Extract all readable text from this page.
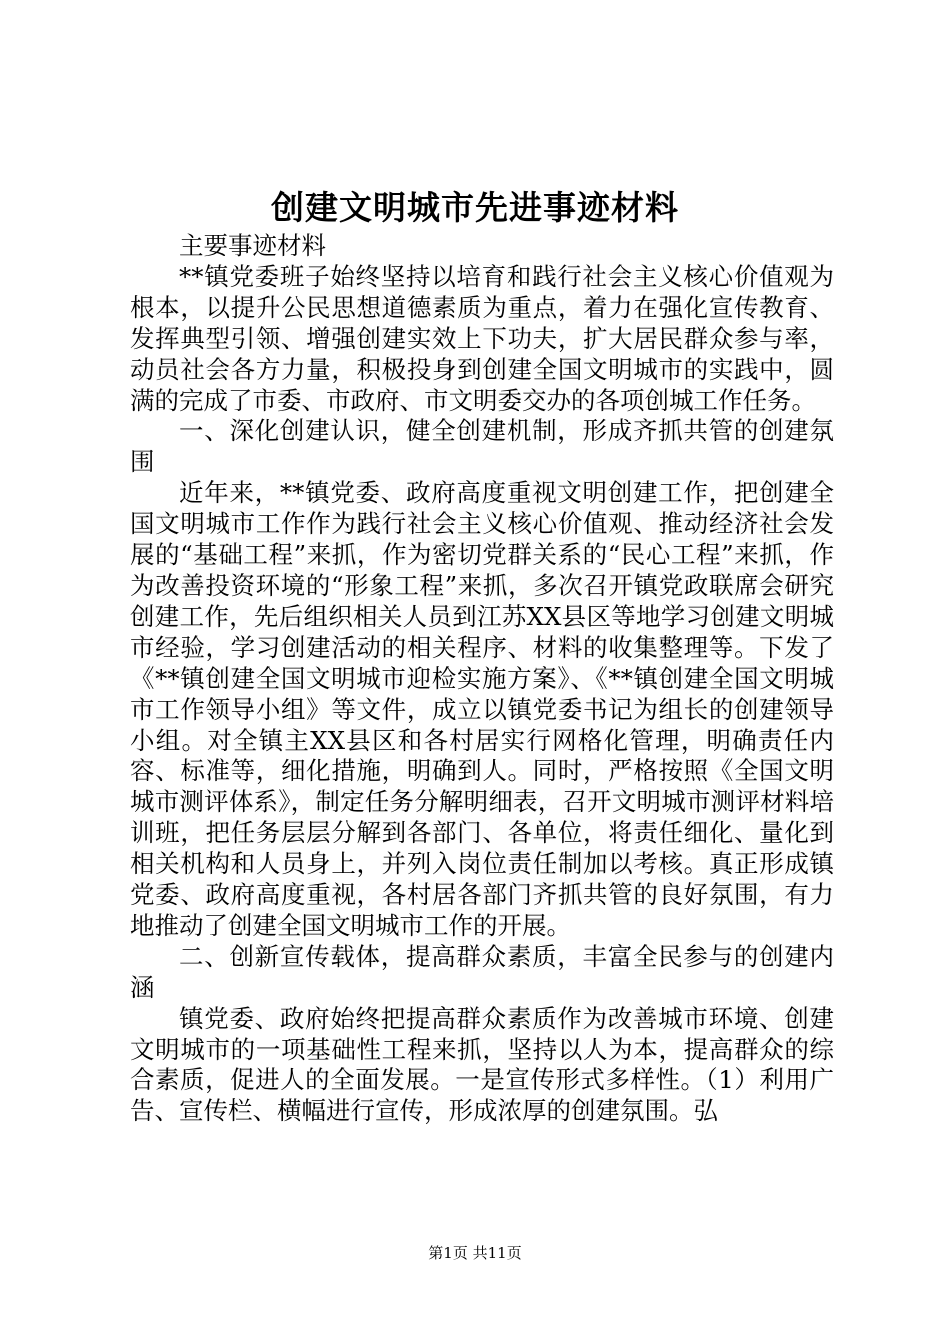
创建文明城市先进事迹材料

主要事迹材料

**镇党委班子始终坚持以培育和践行社会主义核心价值观为根本，以提升公民思想道德素质为重点，着力在强化宣传教育、发挥典型引领、增强创建实效上下功夫，扩大居民群众参与率，动员社会各方力量，积极投身到创建全国文明城市的实践中，圆满的完成了市委、市政府、市文明委交办的各项创城工作任务。

一、深化创建认识，健全创建机制，形成齐抓共管的创建氛围

近年来，**镇党委、政府高度重视文明创建工作，把创建全国文明城市工作作为践行社会主义核心价值观、推动经济社会发展的“基础工程”来抓，作为密切党群关系的“民心工程”来抓，作为改善投资环境的“形象工程”来抓，多次召开镇党政联席会研究创建工作，先后组织相关人员到江苏XX县区等地学习创建文明城市经验，学习创建活动的相关程序、材料的收集整理等。下发了《**镇创建全国文明城市迎检实施方案》、《**镇创建全国文明城市工作领导小组》等文件，成立以镇党委书记为组长的创建领导小组。对全镇主XX县区和各村居实行网格化管理，明确责任内容、标准等，细化措施，明确到人。同时，严格按照《全国文明城市测评体系》，制定任务分解明细表，召开文明城市测评材料培训班，把任务层层分解到各部门、各单位，将责任细化、量化到相关机构和人员身上，并列入岗位责任制加以考核。真正形成镇党委、政府高度重视，各村居各部门齐抓共管的良好氛围，有力地推动了创建全国文明城市工作的开展。

二、创新宣传载体，提高群众素质，丰富全民参与的创建内涵

镇党委、政府始终把提高群众素质作为改善城市环境、创建文明城市的一项基础性工程来抓，坚持以人为本，提高群众的综合素质，促进人的全面发展。一是宣传形式多样性。（1）利用广告、宣传栏、横幅进行宣传，形成浓厚的创建氛围。弘

第1页 共11页
